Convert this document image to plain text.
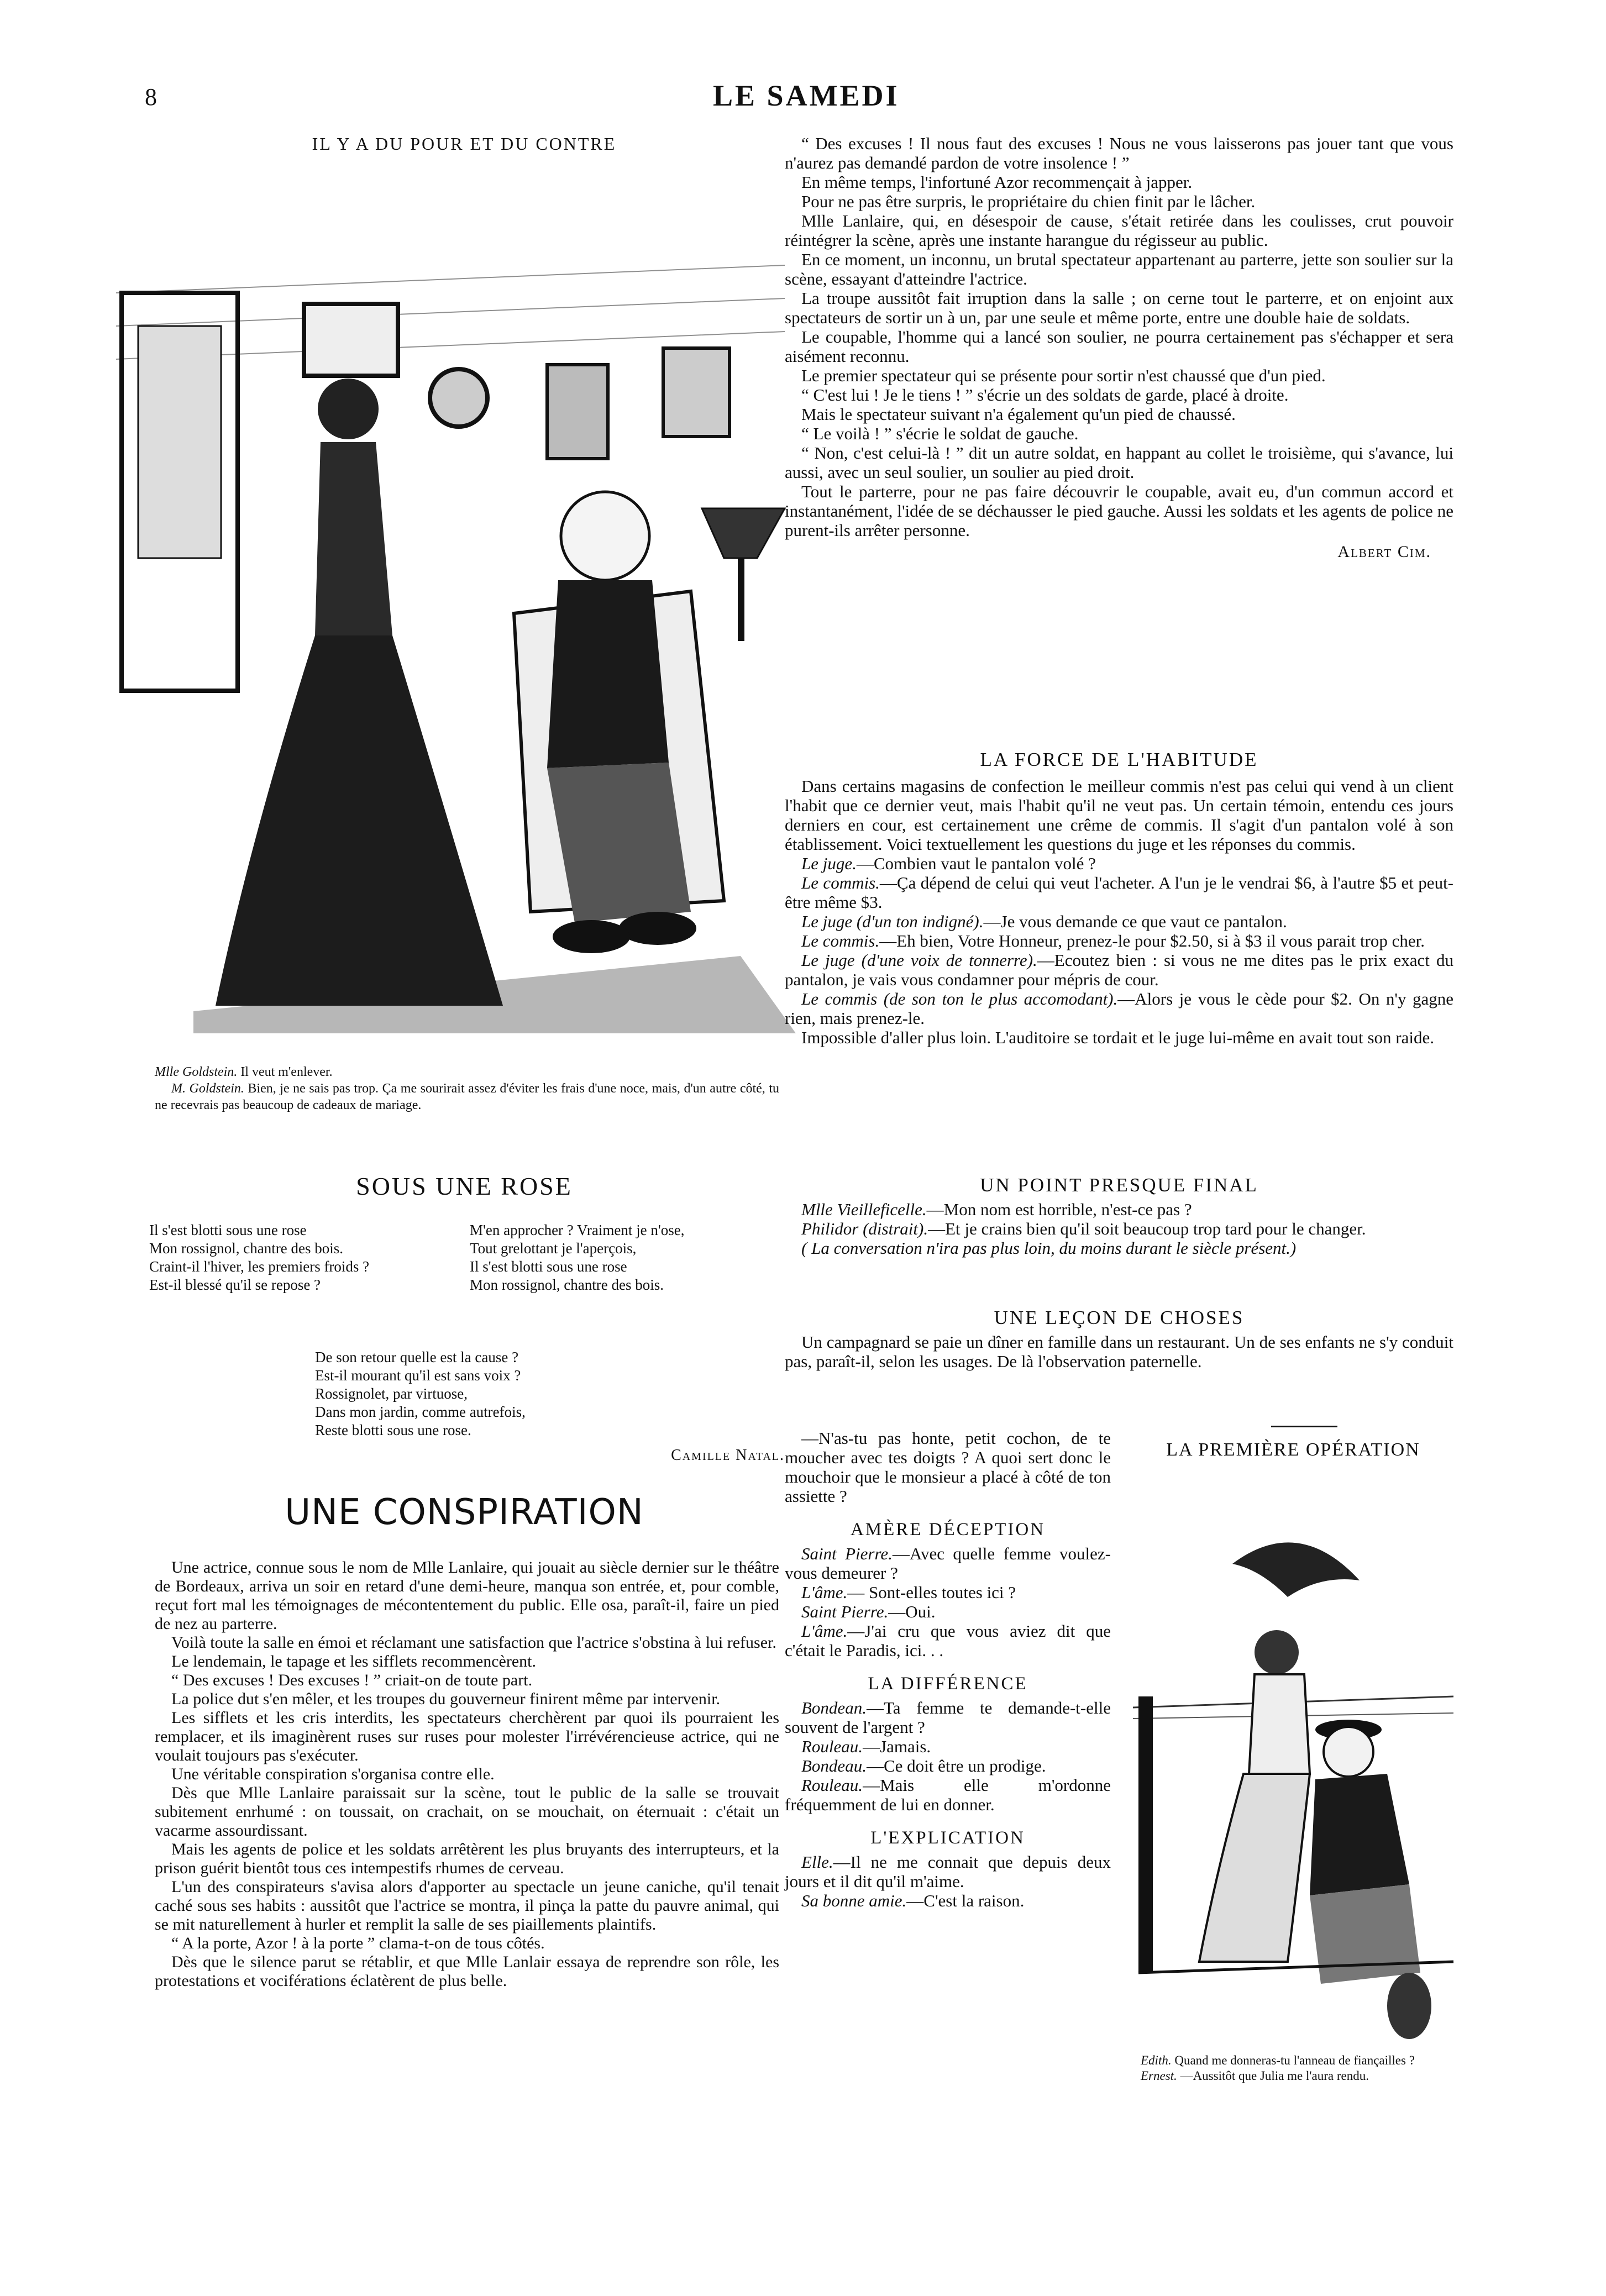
8	LE SAMEDI
IL Y A DU POUR ET DU CONTRE
Mlle Goldstein. Il veut m'enlever.
M. Goldstein. Bien, je ne sais pas trop. Ça me sourirait assez d'éviter les frais d'une noce, mais, d'un autre côté, tu ne recevrais pas beaucoup de cadeaux de mariage.
SOUS UNE ROSE
Il s'est blotti sous une rose
Mon rossignol, chantre des bois.
Craint-il l'hiver, les premiers froids ?
Est-il blessé qu'il se repose ?
M'en approcher ? Vraiment je n'ose,
Tout grelottant je l'aperçois,
Il s'est blotti sous une rose
Mon rossignol, chantre des bois.
De son retour quelle est la cause ?
Est-il mourant qu'il est sans voix ?
Rossignolet, par virtuose,
Dans mon jardin, comme autrefois,
Reste blotti sous une rose.
Camille Natal.
UNE CONSPIRATION

Une actrice, connue sous le nom de Mlle Lanlaire, qui jouait au siècle dernier sur le théâtre de Bordeaux, arriva un soir en retard d'une demi-heure, manqua son entrée, et, pour comble, reçut fort mal les témoignages de mécontentement du public. Elle osa, paraît-il, faire un pied de nez au parterre.

Voilà toute la salle en émoi et réclamant une satisfaction que l'actrice s'obstina à lui refuser.

Le lendemain, le tapage et les sifflets recommencèrent.

“ Des excuses ! Des excuses ! ” criait-on de toute part.

La police dut s'en mêler, et les troupes du gouverneur finirent même par intervenir.

Les sifflets et les cris interdits, les spectateurs cherchèrent par quoi ils pourraient les remplacer, et ils imaginèrent ruses sur ruses pour molester l'irrévérencieuse actrice, qui ne voulait toujours pas s'exécuter.

Une véritable conspiration s'organisa contre elle.

Dès que Mlle Lanlaire paraissait sur la scène, tout le public de la salle se trouvait subitement enrhumé : on toussait, on crachait, on se mouchait, on éternuait : c'était un vacarme assourdissant.

Mais les agents de police et les soldats arrêtèrent les plus bruyants des interrupteurs, et la prison guérit bientôt tous ces intempestifs rhumes de cerveau.

L'un des conspirateurs s'avisa alors d'apporter au spectacle un jeune caniche, qu'il tenait caché sous ses habits : aussitôt que l'actrice se montra, il pinça la patte du pauvre animal, qui se mit naturellement à hurler et remplit la salle de ses piaillements plaintifs.

“ A la porte, Azor ! à la porte ” clama-t-on de tous côtés.

Dès que le silence parut se rétablir, et que Mlle Lanlair essaya de reprendre son rôle, les protestations et vociférations éclatèrent de plus belle.

“ Des excuses ! Il nous faut des excuses ! Nous ne vous laisserons pas jouer tant que vous n'aurez pas demandé pardon de votre insolence ! ”

En même temps, l'infortuné Azor recommençait à japper.

Pour ne pas être surpris, le propriétaire du chien finit par le lâcher.

Mlle Lanlaire, qui, en désespoir de cause, s'était retirée dans les coulisses, crut pouvoir réintégrer la scène, après une instante harangue du régisseur au public.

En ce moment, un inconnu, un brutal spectateur appartenant au parterre, jette son soulier sur la scène, essayant d'atteindre l'actrice.

La troupe aussitôt fait irruption dans la salle ; on cerne tout le parterre, et on enjoint aux spectateurs de sortir un à un, par une seule et même porte, entre une double haie de soldats.

Le coupable, l'homme qui a lancé son soulier, ne pourra certainement pas s'échapper et sera aisément reconnu.

Le premier spectateur qui se présente pour sortir n'est chaussé que d'un pied.

“ C'est lui ! Je le tiens ! ” s'écrie un des soldats de garde, placé à droite.

Mais le spectateur suivant n'a également qu'un pied de chaussé.

“ Le voilà ! ” s'écrie le soldat de gauche.

“ Non, c'est celui-là ! ” dit un autre soldat, en happant au collet le troisième, qui s'avance, lui aussi, avec un seul soulier, un soulier au pied droit.

Tout le parterre, pour ne pas faire découvrir le coupable, avait eu, d'un commun accord et instantanément, l'idée de se déchausser le pied gauche. Aussi les soldats et les agents de police ne purent-ils arrêter personne.

Albert Cim.
LA FORCE DE L'HABITUDE

Dans certains magasins de confection le meilleur commis n'est pas celui qui vend à un client l'habit que ce dernier veut, mais l'habit qu'il ne veut pas. Un certain témoin, entendu ces jours derniers en cour, est certainement une crême de commis. Il s'agit d'un pantalon volé à son établissement. Voici textuellement les questions du juge et les réponses du commis.

Le juge.—Combien vaut le pantalon volé ?

Le commis.—Ça dépend de celui qui veut l'acheter. A l'un je le vendrai $6, à l'autre $5 et peut-être même $3.

Le juge (d'un ton indigné).—Je vous demande ce que vaut ce pantalon.

Le commis.—Eh bien, Votre Honneur, prenez-le pour $2.50, si à $3 il vous parait trop cher.

Le juge (d'une voix de tonnerre).—Ecoutez bien : si vous ne me dites pas le prix exact du pantalon, je vais vous condamner pour mépris de cour.

Le commis (de son ton le plus accomodant).—Alors je vous le cède pour $2. On n'y gagne rien, mais prenez-le.

Impossible d'aller plus loin. L'auditoire se tordait et le juge lui-même en avait tout son raide.

UN POINT PRESQUE FINAL

Mlle Vieilleficelle.—Mon nom est horrible, n'est-ce pas ?

Philidor (distrait).—Et je crains bien qu'il soit beaucoup trop tard pour le changer.

( La conversation n'ira pas plus loin, du moins durant le siècle présent.)

UNE LEÇON DE CHOSES

Un campagnard se paie un dîner en famille dans un restaurant. Un de ses enfants ne s'y conduit pas, paraît-il, selon les usages. De là l'observation paternelle.

—N'as-tu pas honte, petit cochon, de te moucher avec tes doigts ? A quoi sert donc le mouchoir que le monsieur a placé à côté de ton assiette ?

AMÈRE DÉCEPTION

Saint Pierre.—Avec quelle femme voulez-vous demeurer ?

L'âme.— Sont-elles toutes ici ?

Saint Pierre.—Oui.

L'âme.—J'ai cru que vous aviez dit que c'était le Paradis, ici. . .

LA DIFFÉRENCE

Bondean.—Ta femme te demande-t-elle souvent de l'argent ?

Rouleau.—Jamais.

Bondeau.—Ce doit être un prodige.

Rouleau.—Mais elle m'ordonne fréquemment de lui en donner.

L'EXPLICATION

Elle.—Il ne me connait que depuis deux jours et il dit qu'il m'aime.

Sa bonne amie.—C'est la raison.

LA PREMIÈRE OPÉRATION
Edith. Quand me donneras-tu l'anneau de fiançailles ?
Ernest. —Aussitôt que Julia me l'aura rendu.
